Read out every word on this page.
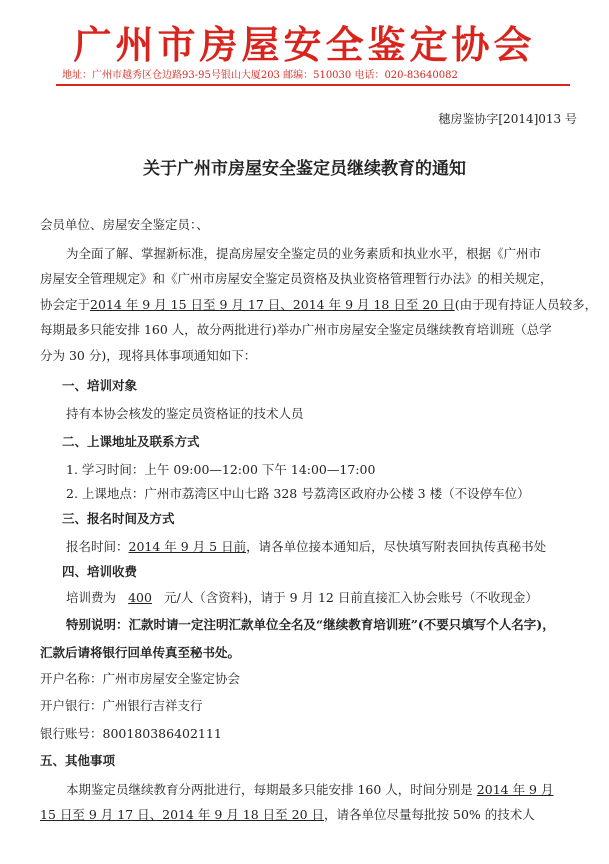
广州市房屋安全鉴定协会
地址：广州市越秀区仓边路93-95号银山大厦203 邮编：510030 电话：020-83640082
穗房鉴协字[2014]013 号
关于广州市房屋安全鉴定员继续教育的通知
会员单位、房屋安全鉴定员：、
为全面了解、掌握新标准，提高房屋安全鉴定员的业务素质和执业水平，根据《广州市
房屋安全管理规定》和《广州市房屋安全鉴定员资格及执业资格管理暂行办法》的相关规定，
协会定于2014 年 9 月 15 日至 9 月 17 日、2014 年 9 月 18 日至 20 日(由于现有持证人员较多，
每期最多只能安排 160 人，故分两批进行)举办广州市房屋安全鉴定员继续教育培训班（总学
分为 30 分)，现将具体事项通知如下：
一、培训对象
持有本协会核发的鉴定员资格证的技术人员
二、上课地址及联系方式
1. 学习时间：上午 09:00—12:00 下午 14:00—17:00
2. 上课地点：广州市荔湾区中山七路 328 号荔湾区政府办公楼 3 楼（不设停车位）
三、报名时间及方式
报名时间：2014 年 9 月 5 日前，请各单位接本通知后，尽快填写附表回执传真秘书处
四、培训收费
培训费为 400 元/人（含资料)，请于 9 月 12 日前直接汇入协会账号（不收现金）
特别说明：汇款时请一定注明汇款单位全名及“继续教育培训班”(不要只填写个人名字)，
汇款后请将银行回单传真至秘书处。
开户名称：广州市房屋安全鉴定协会
开户银行：广州银行吉祥支行
银行账号：800180386402111
五、其他事项
本期鉴定员继续教育分两批进行，每期最多只能安排 160 人，时间分别是 2014 年 9 月
15 日至 9 月 17 日、2014 年 9 月 18 日至 20 日，请各单位尽量每批按 50% 的技术人
